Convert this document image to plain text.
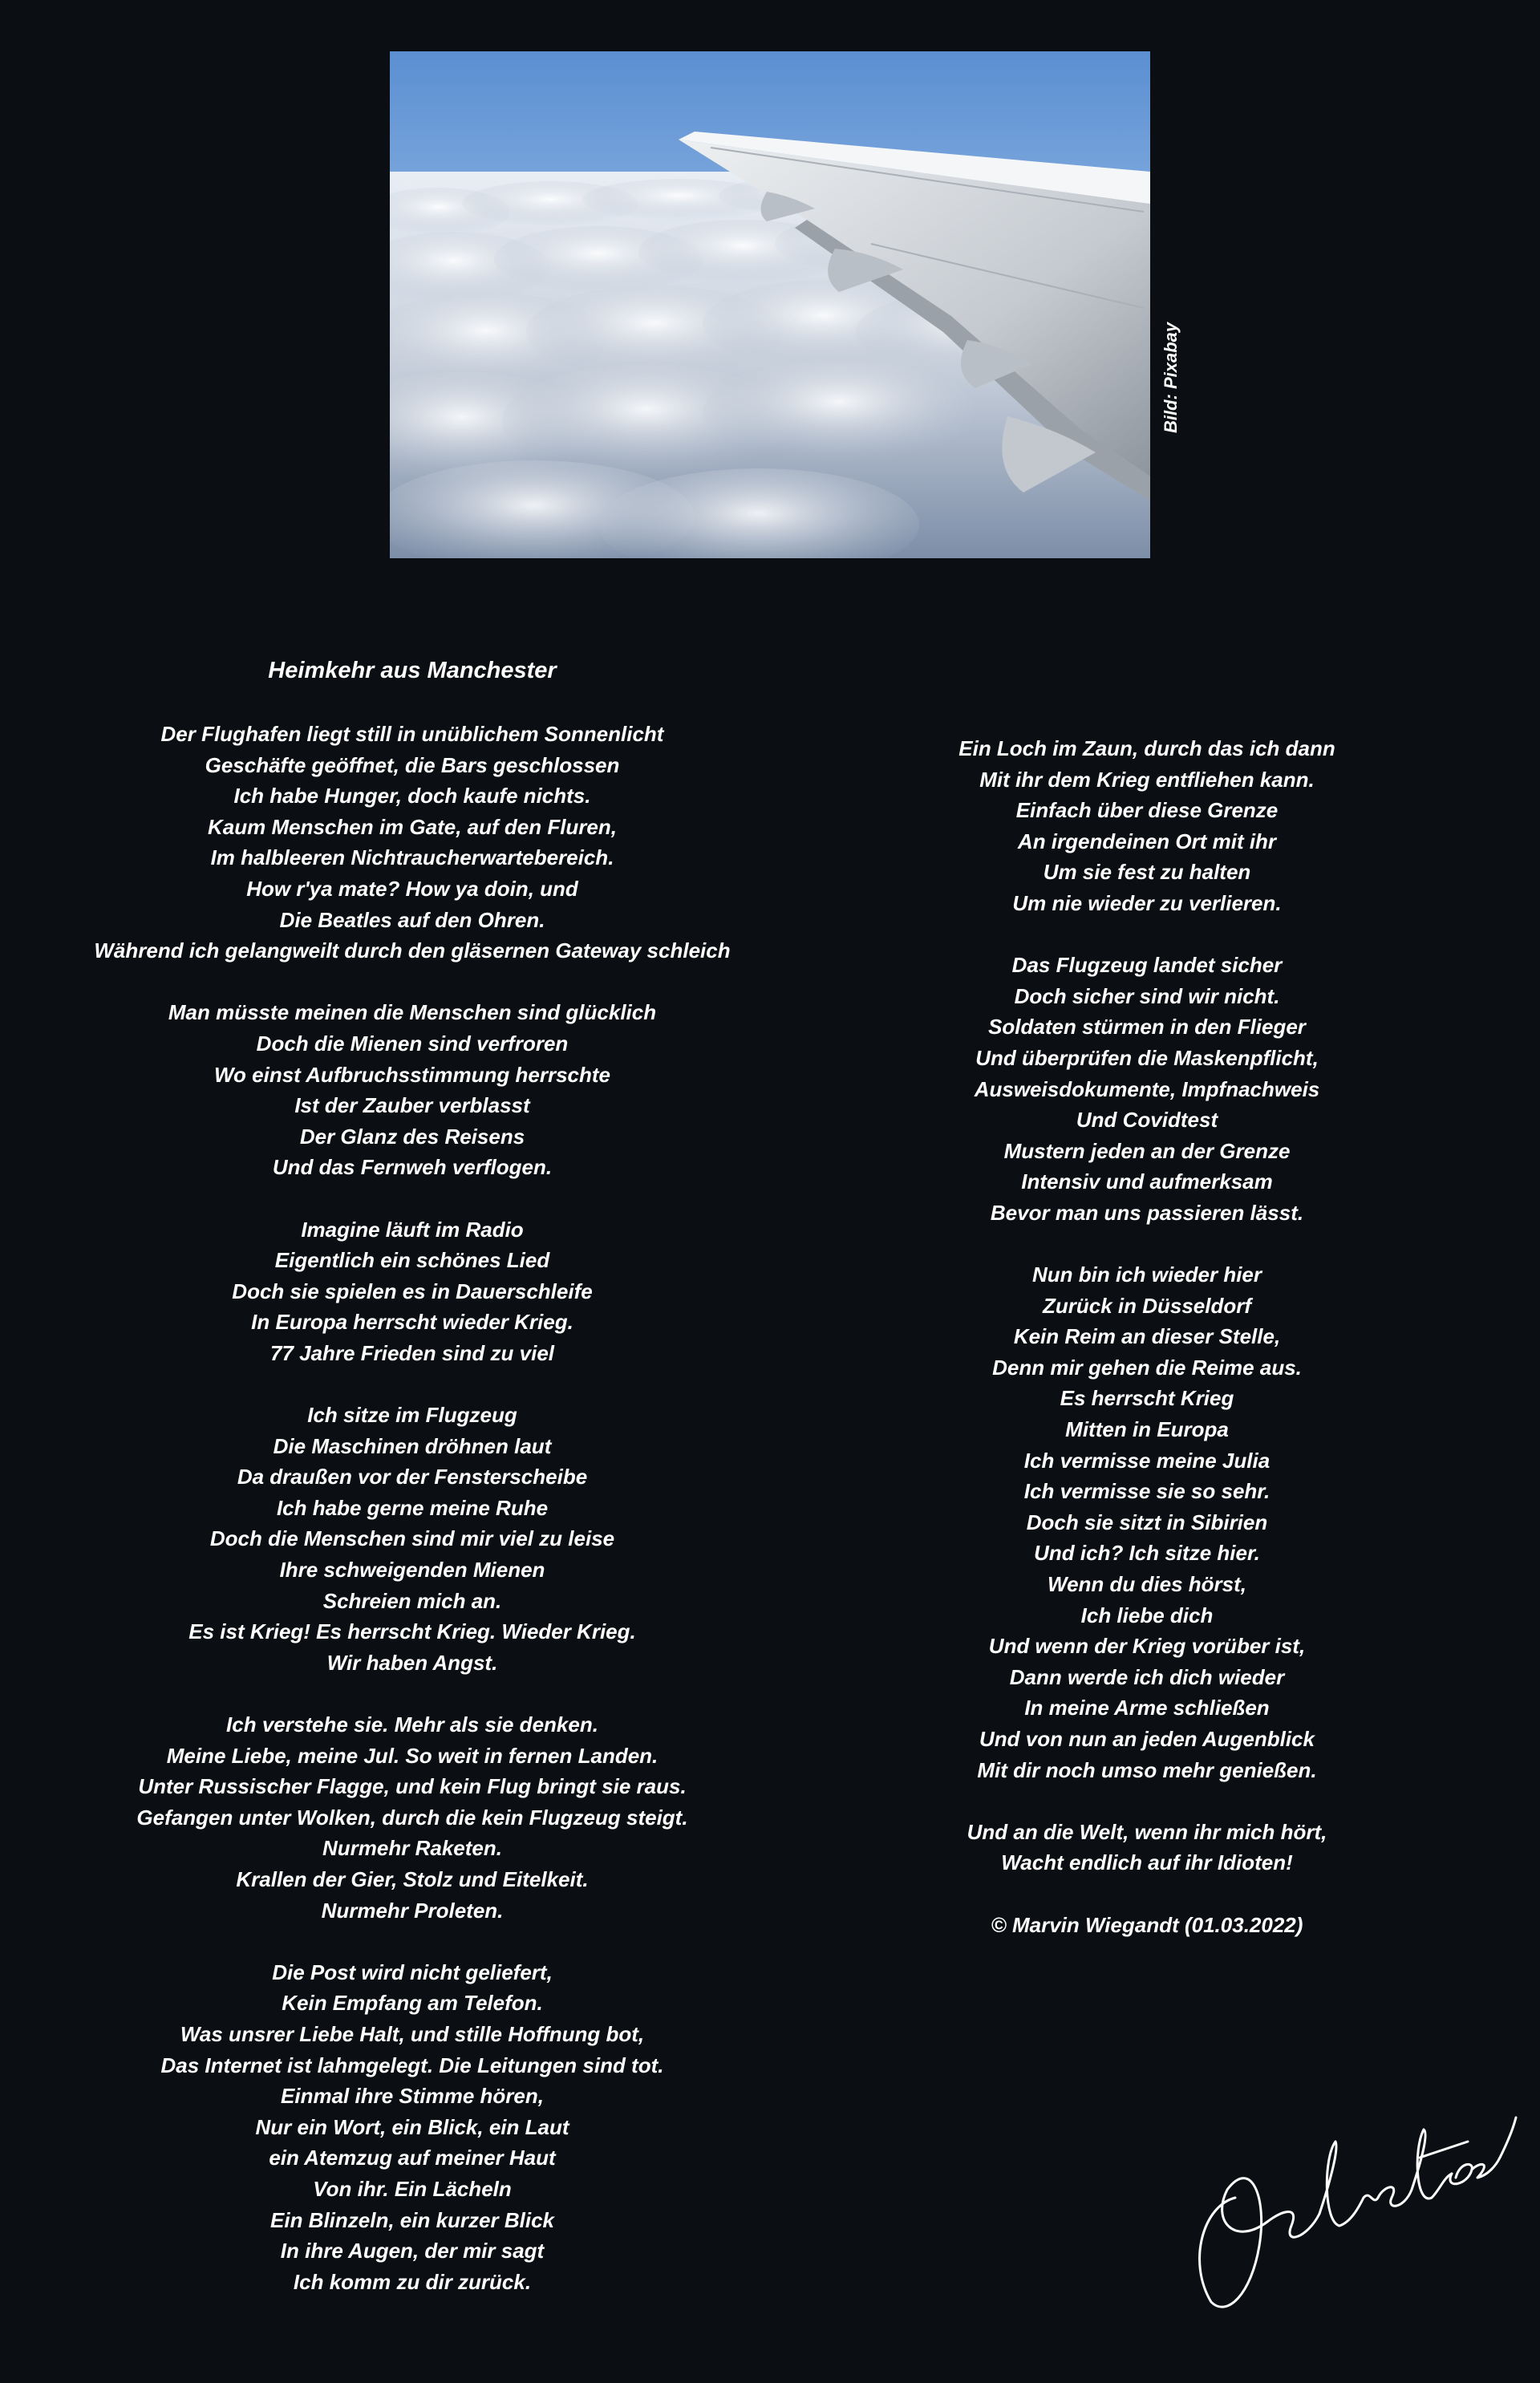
Bild: Pixabay
Heimkehr aus Manchester
Der Flughafen liegt still in unüblichem Sonnenlicht
Geschäfte geöffnet, die Bars geschlossen
Ich habe Hunger, doch kaufe nichts.
Kaum Menschen im Gate, auf den Fluren,
Im halbleeren Nichtraucherwartebereich.
How r'ya mate? How ya doin, und
Die Beatles auf den Ohren.
Während ich gelangweilt durch den gläsernen Gateway schleich
Man müsste meinen die Menschen sind glücklich
Doch die Mienen sind verfroren
Wo einst Aufbruchsstimmung herrschte
Ist der Zauber verblasst
Der Glanz des Reisens
Und das Fernweh verflogen.
Imagine läuft im Radio
Eigentlich ein schönes Lied
Doch sie spielen es in Dauerschleife
In Europa herrscht wieder Krieg.
77 Jahre Frieden sind zu viel
Ich sitze im Flugzeug
Die Maschinen dröhnen laut
Da draußen vor der Fensterscheibe
Ich habe gerne meine Ruhe
Doch die Menschen sind mir viel zu leise
Ihre schweigenden Mienen
Schreien mich an.
Es ist Krieg! Es herrscht Krieg. Wieder Krieg.
Wir haben Angst.
Ich verstehe sie. Mehr als sie denken.
Meine Liebe, meine Jul. So weit in fernen Landen.
Unter Russischer Flagge, und kein Flug bringt sie raus.
Gefangen unter Wolken, durch die kein Flugzeug steigt.
Nurmehr Raketen.
Krallen der Gier, Stolz und Eitelkeit.
Nurmehr Proleten.
Die Post wird nicht geliefert,
Kein Empfang am Telefon.
Was unsrer Liebe Halt, und stille Hoffnung bot,
Das Internet ist lahmgelegt. Die Leitungen sind tot.
Einmal ihre Stimme hören,
Nur ein Wort, ein Blick, ein Laut
ein Atemzug auf meiner Haut
Von ihr. Ein Lächeln
Ein Blinzeln, ein kurzer Blick
In ihre Augen, der mir sagt
Ich komm zu dir zurück.
Ein Loch im Zaun, durch das ich dann
Mit ihr dem Krieg entfliehen kann.
Einfach über diese Grenze
An irgendeinen Ort mit ihr
Um sie fest zu halten
Um nie wieder zu verlieren.
Das Flugzeug landet sicher
Doch sicher sind wir nicht.
Soldaten stürmen in den Flieger
Und überprüfen die Maskenpflicht,
Ausweisdokumente, Impfnachweis
Und Covidtest
Mustern jeden an der Grenze
Intensiv und aufmerksam
Bevor man uns passieren lässt.
Nun bin ich wieder hier
Zurück in Düsseldorf
Kein Reim an dieser Stelle,
Denn mir gehen die Reime aus.
Es herrscht Krieg
Mitten in Europa
Ich vermisse meine Julia
Ich vermisse sie so sehr.
Doch sie sitzt in Sibirien
Und ich? Ich sitze hier.
Wenn du dies hörst,
Ich liebe dich
Und wenn der Krieg vorüber ist,
Dann werde ich dich wieder
In meine Arme schließen
Und von nun an jeden Augenblick
Mit dir noch umso mehr genießen.
Und an die Welt, wenn ihr mich hört,
Wacht endlich auf ihr Idioten!
© Marvin Wiegandt (01.03.2022)
